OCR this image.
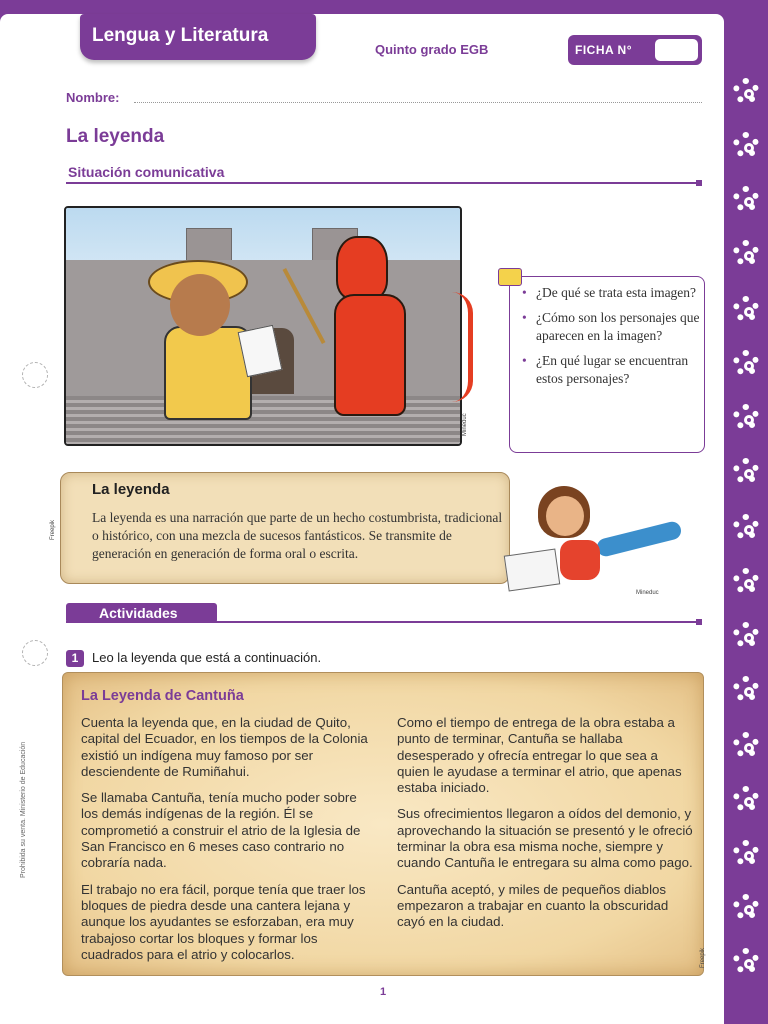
Lengua y Literatura
Quinto grado EGB	FICHA N°
Nombre:
La leyenda
Situación comunicativa
Mineduc
• ¿De qué se trata esta imagen?
• ¿Cómo son los personajes que aparecen en la imagen?
• ¿En qué lugar se encuentran estos personajes?
Freepik
La leyenda
La leyenda es una narración que parte de un hecho costumbrista, tradicional o histórico, con una mezcla de sucesos fantásticos. Se transmite de generación en generación de forma oral o escrita.
Mineduc
Actividades
1	Leo la leyenda que está a continuación.
La Leyenda de Cantuña

Cuenta la leyenda que, en la ciudad de Quito, capital del Ecuador, en los tiempos de la Colonia existió un indígena muy famoso por ser desciendente de Rumiñahui.

Se llamaba Cantuña, tenía mucho poder sobre los demás indígenas de la región. Él se comprometió a construir el atrio de la Iglesia de San Francisco en 6 meses caso contrario no cobraría nada.

El trabajo no era fácil, porque tenía que traer los bloques de piedra desde una cantera lejana y aunque los ayudantes se esforzaban, era muy trabajoso cortar los bloques y formar los cuadrados para el atrio y colocarlos.

Como el tiempo de entrega de la obra estaba a punto de terminar, Cantuña se hallaba desesperado y ofrecía entregar lo que sea a quien le ayudase a terminar el atrio, que apenas estaba iniciado.

Sus ofrecimientos llegaron a oídos del demonio, y aprovechando la situación se presentó y le ofreció terminar la obra esa misma noche, siempre y cuando Cantuña le entregara su alma como pago.

Cantuña aceptó, y miles de pequeños diablos empezaron a trabajar en cuanto la obscuridad cayó en la ciudad.

Freepik
Prohibida su venta. Ministerio de Educación
1
